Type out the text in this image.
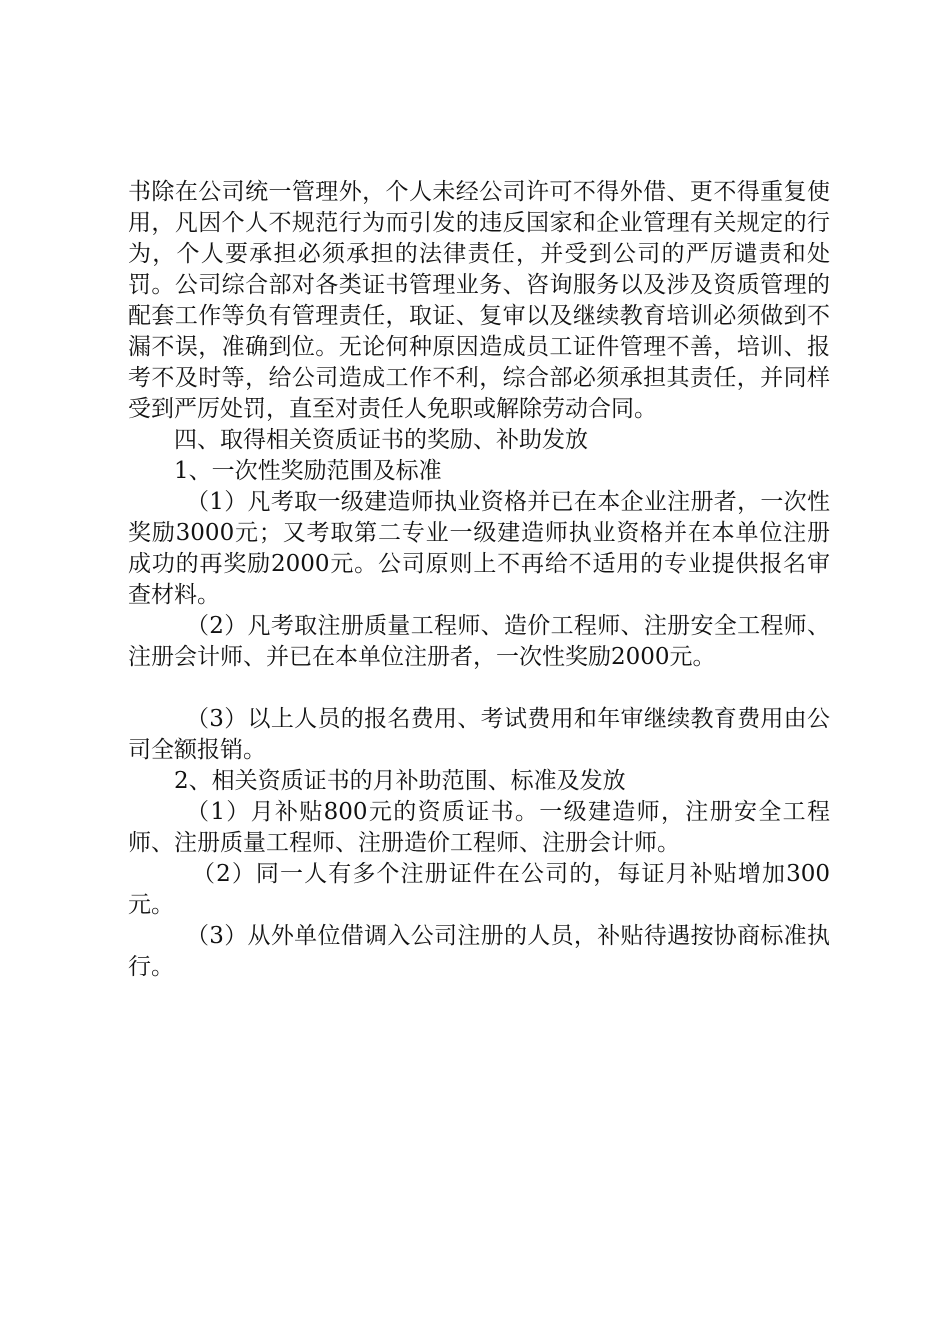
书除在公司统一管理外，个人未经公司许可不得外借、更不得重复使用，凡因个人不规范行为而引发的违反国家和企业管理有关规定的行为，个人要承担必须承担的法律责任，并受到公司的严厉谴责和处罚。公司综合部对各类证书管理业务、咨询服务以及涉及资质管理的配套工作等负有管理责任，取证、复审以及继续教育培训必须做到不漏不误，准确到位。无论何种原因造成员工证件管理不善，培训、报考不及时等，给公司造成工作不利，综合部必须承担其责任，并同样受到严厉处罚，直至对责任人免职或解除劳动合同。

四、取得相关资质证书的奖励、补助发放

1、一次性奖励范围及标准

（1）凡考取一级建造师执业资格并已在本企业注册者，一次性奖励3000元；又考取第二专业一级建造师执业资格并在本单位注册成功的再奖励2000元。公司原则上不再给不适用的专业提供报名审查材料。

（2）凡考取注册质量工程师、造价工程师、注册安全工程师、注册会计师、并已在本单位注册者，一次性奖励2000元。

（3）以上人员的报名费用、考试费用和年审继续教育费用由公司全额报销。

2、相关资质证书的月补助范围、标准及发放

（1）月补贴800元的资质证书。一级建造师，注册安全工程师、注册质量工程师、注册造价工程师、注册会计师。

（2）同一人有多个注册证件在公司的，每证月补贴增加300元。

（3）从外单位借调入公司注册的人员，补贴待遇按协商标准执行。
